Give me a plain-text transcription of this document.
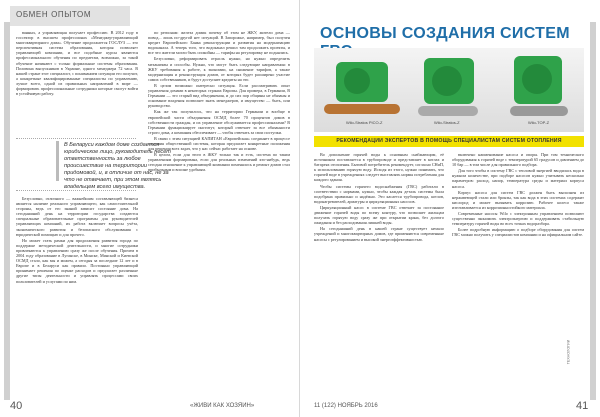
ОБМЕН ОПЫТОМ

ванных, а управляющая получает профессию. В 2012 году в госсектор в высшем профессионах «Менеджер-управляющий многоквартирного дома». Обучение продолжается ГОСЛУЗ — это перспективная система образования, которая позволяет управляющей компании, и все подобные курсы являются профессионального обучения по предметам, возможно, за такой обучение начинают с только формальные системы образования. Половина выпускников в Украине, одного менеджера 72 часа. В нашей стране этот специалист, с пониманием ситуации его получит, а конкретные квалифицированные специалисты по управлению, лучше всего, одной из правильных направлений в мире — формировать профессиональные сотрудники которые смогут войти в устойчивую работу.

В Беларуси каждом доме создается юридическое лицо, руководитель несет ответственность за любое происшествие на территории придомовой, и, в отличие от нас, не за что не отвечает, при этом являясь владельцем всего имущества.

Безусловно, отличного — важнейшим составляющей бизнеса является наличие реального управляющего, как самостоятельной стороны, ведь от его знаний зависит состояние дома. На сегодняшний день на территории государства создаются специальные образовательные программы для руководителей управляющих компаний, их работа включает вопросы учёта, экономического развития и безопасного обслуживания с юридической помощью и для прочего.

Но может стать рамки для продолжения развития города по поддержке методической деятельности, и многие сотрудники привлекаются к управлению сразу же после обучения. Причем в 2004 году образование в Луганске, в Минске, Минской и Киевской ОСМД стало, как мы и можем, а сегодня за последние 12 лет и в Европе и в Беларуси как правило. Постоянно управляющий принимает решения по оценке расходов и предлагает различные другие типы деятельности и управлять процессами своих пользователей и услугами по ним.

по регионам: железа домик почему об этом не ЖКУ, жители дома — повод... лишь по-другой нет ситуаций. В Запорожье, например, был получен кредит Европейского Банка реконструкции и развития на модернизацию водоканала. А теперь того, что водоканал решил там продолжить проекты, и все что жители могли быть спокойны — тарифы на регулировку не поднялись.

Безусловно, реформировать отрасль нужно, но нужно определить механизмы и способы. Нужно, что могут быть следующие направления: в ЖКУ требования к работе, к экономии, на снижение тарифов, а также модернизация и реконструкция домов, от которых будет расширено участие самих собственников, и будут доступнее кредиты на это.

В целом возможно интересно ситуация. Если рассматривать опыт управления домами в некоторых странах Европы. Для примера, в Германии, В Германии — это старый вид объединения, и до сих пор общины не обязаны и основание владения позволяет знать менеджеров, и имущество — быть, или руководство.

Как же так получилось, что на территории Германии и вообще в европейской части объединения ОСМД более 70 процентов домов в собственности граждан, и их управление обслуживается профессионалами? В Германии функционирует институт, который отвечает за все обязанности строго дома, а компания обеспечивает — чтобы отвечать за свои поступки.

В связи с этим ситуацией КАПИТАН «Европейская» соединяет в процессе создания общественной системы, которая предлагает конкретные положения для решения всех задач, что у нас сейчас работает на основе.

В целом, если для этого в ЖКУ только так и есть, система по таким управлениям формирована, если для реальных изменений кто-нибудь, ведь сегодня отношение к управляющей компании поменялось и ремонт домов стал прибыльным и вполне удобным.

40	«ЖИВИ КАК ХОЗЯИН»
ОСНОВЫ СОЗДАНИЯ СИСТЕМ
Wilo-Stratos PICO-Z	Wilo-Stratos-Z	Wilo-TOP-Z
РЕКОМЕНДАЦИИ ЭКСПЕРТОВ В ПОМОЩЬ СПЕЦИАЛИСТАМ СИСТЕМ ОТОПЛЕНИЯ

Во дополнение горячей воды к основным снабжающим, её источником поставляется в трубопроводе и представляет в котлах и батареях отопления. Бытовой потребитель рекомендует, согласно СНиП, к использованию горячую воду. Исходя из этого, нужно понимать, что горячей воде в учреждениях следует выставлять нормы потребления для каждого здания.

Чтобы системы горячего водоснабжения (ГВС) работали в соответствии с нормами, нужно, чтобы каждая деталь системы была подобрана правильно и надёжно. Это касается трубопровода, котлов, водонагревателей, арматуры и циркуляционных насосов.

Циркуляционный насос в системе ГВС отвечает за постоянное движение горячей воды по всему контуру, что позволяет жильцам получать горячую воду сразу же при открытии крана, без долгого ожидания и без расходования лишней воды.

На сегодняшний день в нашей стране существует немало учреждений и многоквартирных домов, где применяются современные насосы с регулированием и высокой энергоэффективностью.

включено наименование насоса и опоры. При том технического оборудования к горячей воде с температурой 65 градусов и давлением до 10 бар — в том числе для правильного подбора.

Для того чтобы в систему ГВС с тепловой энергией вводилась вода в нужном количестве, при подборе насосов нужно учитывать несколько параметров: расход, напор, температура среды и материал корпуса насоса.

Корпус насоса для систем ГВС должен быть выполнен из нержавеющей стали или бронзы, так как вода в этих системах содержит кислород и может вызывать коррозию. Рабочее колесо также изготавливается из коррозионностойкого материала.

Современные насосы Wilo с электронным управлением позволяют существенно экономить электроэнергию и поддерживать стабильную температуру горячей воды во всех точках водоразбора.

Более подробную информацию о подборе оборудования для систем ГВС можно получить у специалистов компании и на официальном сайте.

ТЕХНОЛОГИИ
11 (122) НОЯБРЬ 2016	41
